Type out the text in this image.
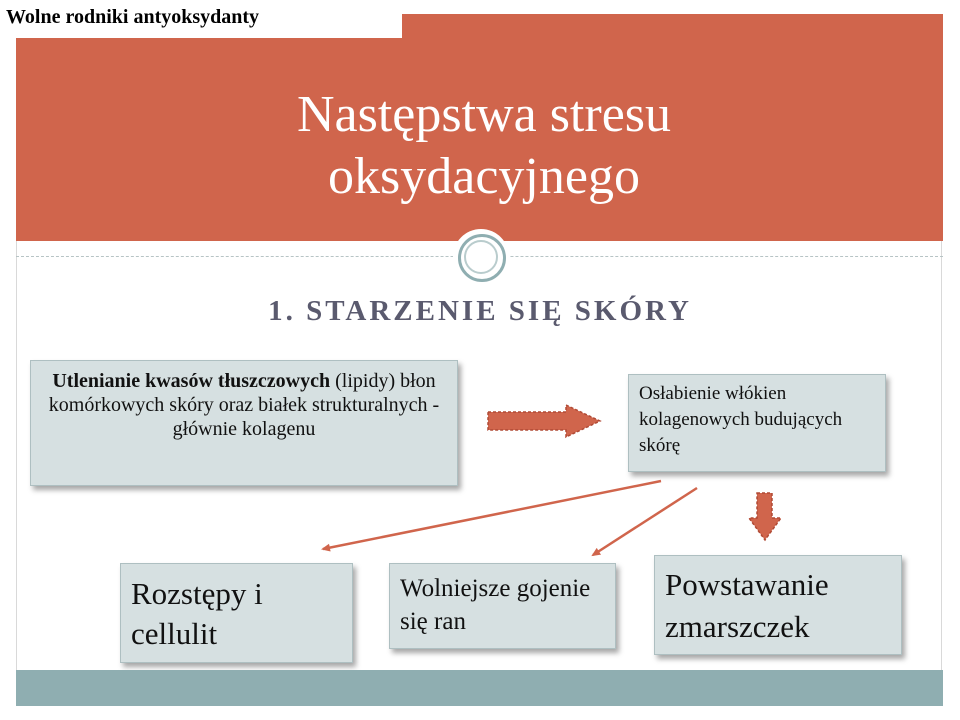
Wolne rodniki antyoksydanty
Następstwa stresu
oksydacyjnego
1. STARZENIE SIĘ SKÓRY
Utlenianie kwasów tłuszczowych (lipidy) błon komórkowych skóry oraz białek strukturalnych - głównie kolagenu
Osłabienie włókien kolagenowych budujących skórę
Rozstępy i cellulit
Wolniejsze gojenie się ran
Powstawanie zmarszczek
